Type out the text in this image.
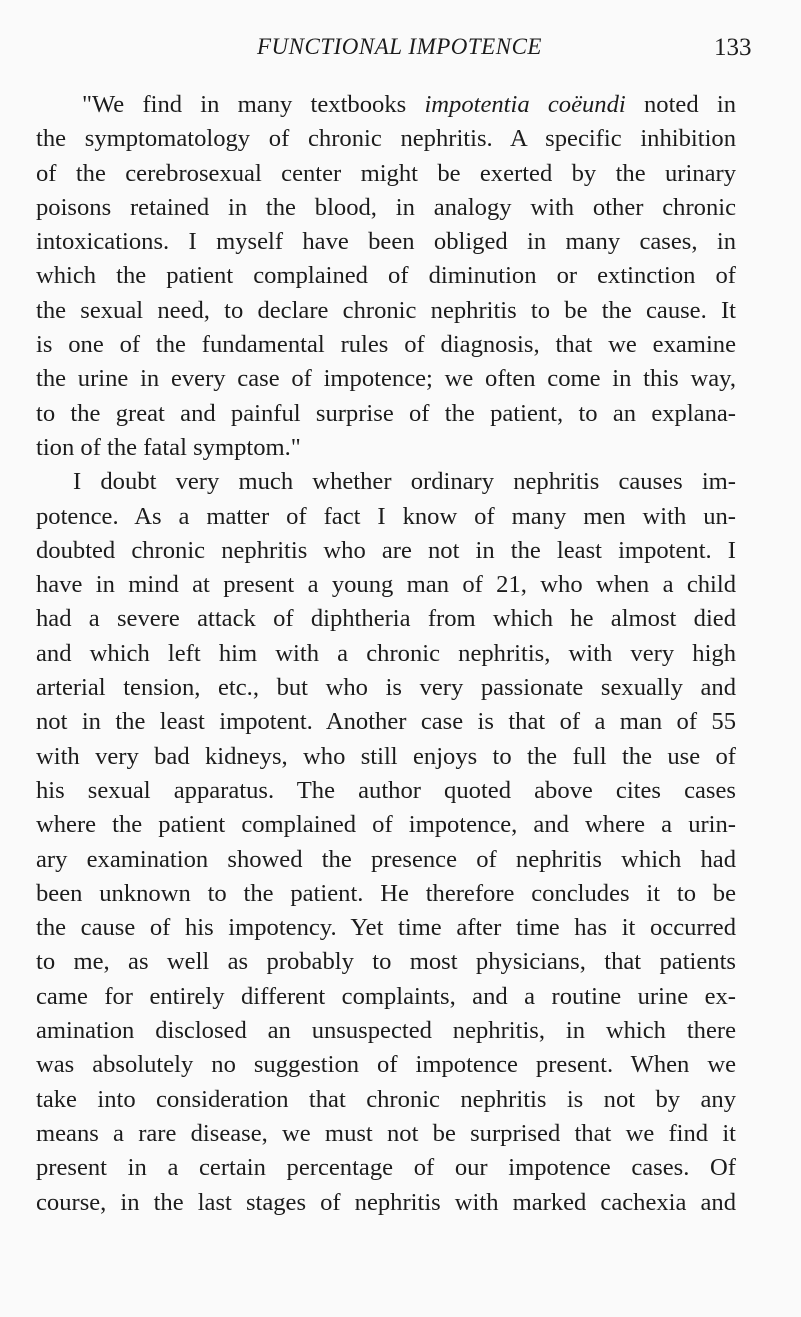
FUNCTIONAL IMPOTENCE	133
"We find in many textbooks impotentia coëundi noted in
the symptomatology of chronic nephritis. A specific inhibition
of the cerebrosexual center might be exerted by the urinary
poisons retained in the blood, in analogy with other chronic
intoxications. I myself have been obliged in many cases, in
which the patient complained of diminution or extinction of
the sexual need, to declare chronic nephritis to be the cause. It
is one of the fundamental rules of diagnosis, that we examine
the urine in every case of impotence; we often come in this way,
to the great and painful surprise of the patient, to an explana-
tion of the fatal symptom."
I doubt very much whether ordinary nephritis causes im-
potence. As a matter of fact I know of many men with un-
doubted chronic nephritis who are not in the least impotent. I
have in mind at present a young man of 21, who when a child
had a severe attack of diphtheria from which he almost died
and which left him with a chronic nephritis, with very high
arterial tension, etc., but who is very passionate sexually and
not in the least impotent. Another case is that of a man of 55
with very bad kidneys, who still enjoys to the full the use of
his sexual apparatus. The author quoted above cites cases
where the patient complained of impotence, and where a urin-
ary examination showed the presence of nephritis which had
been unknown to the patient. He therefore concludes it to be
the cause of his impotency. Yet time after time has it occurred
to me, as well as probably to most physicians, that patients
came for entirely different complaints, and a routine urine ex-
amination disclosed an unsuspected nephritis, in which there
was absolutely no suggestion of impotence present. When we
take into consideration that chronic nephritis is not by any
means a rare disease, we must not be surprised that we find it
present in a certain percentage of our impotence cases. Of
course, in the last stages of nephritis with marked cachexia and
